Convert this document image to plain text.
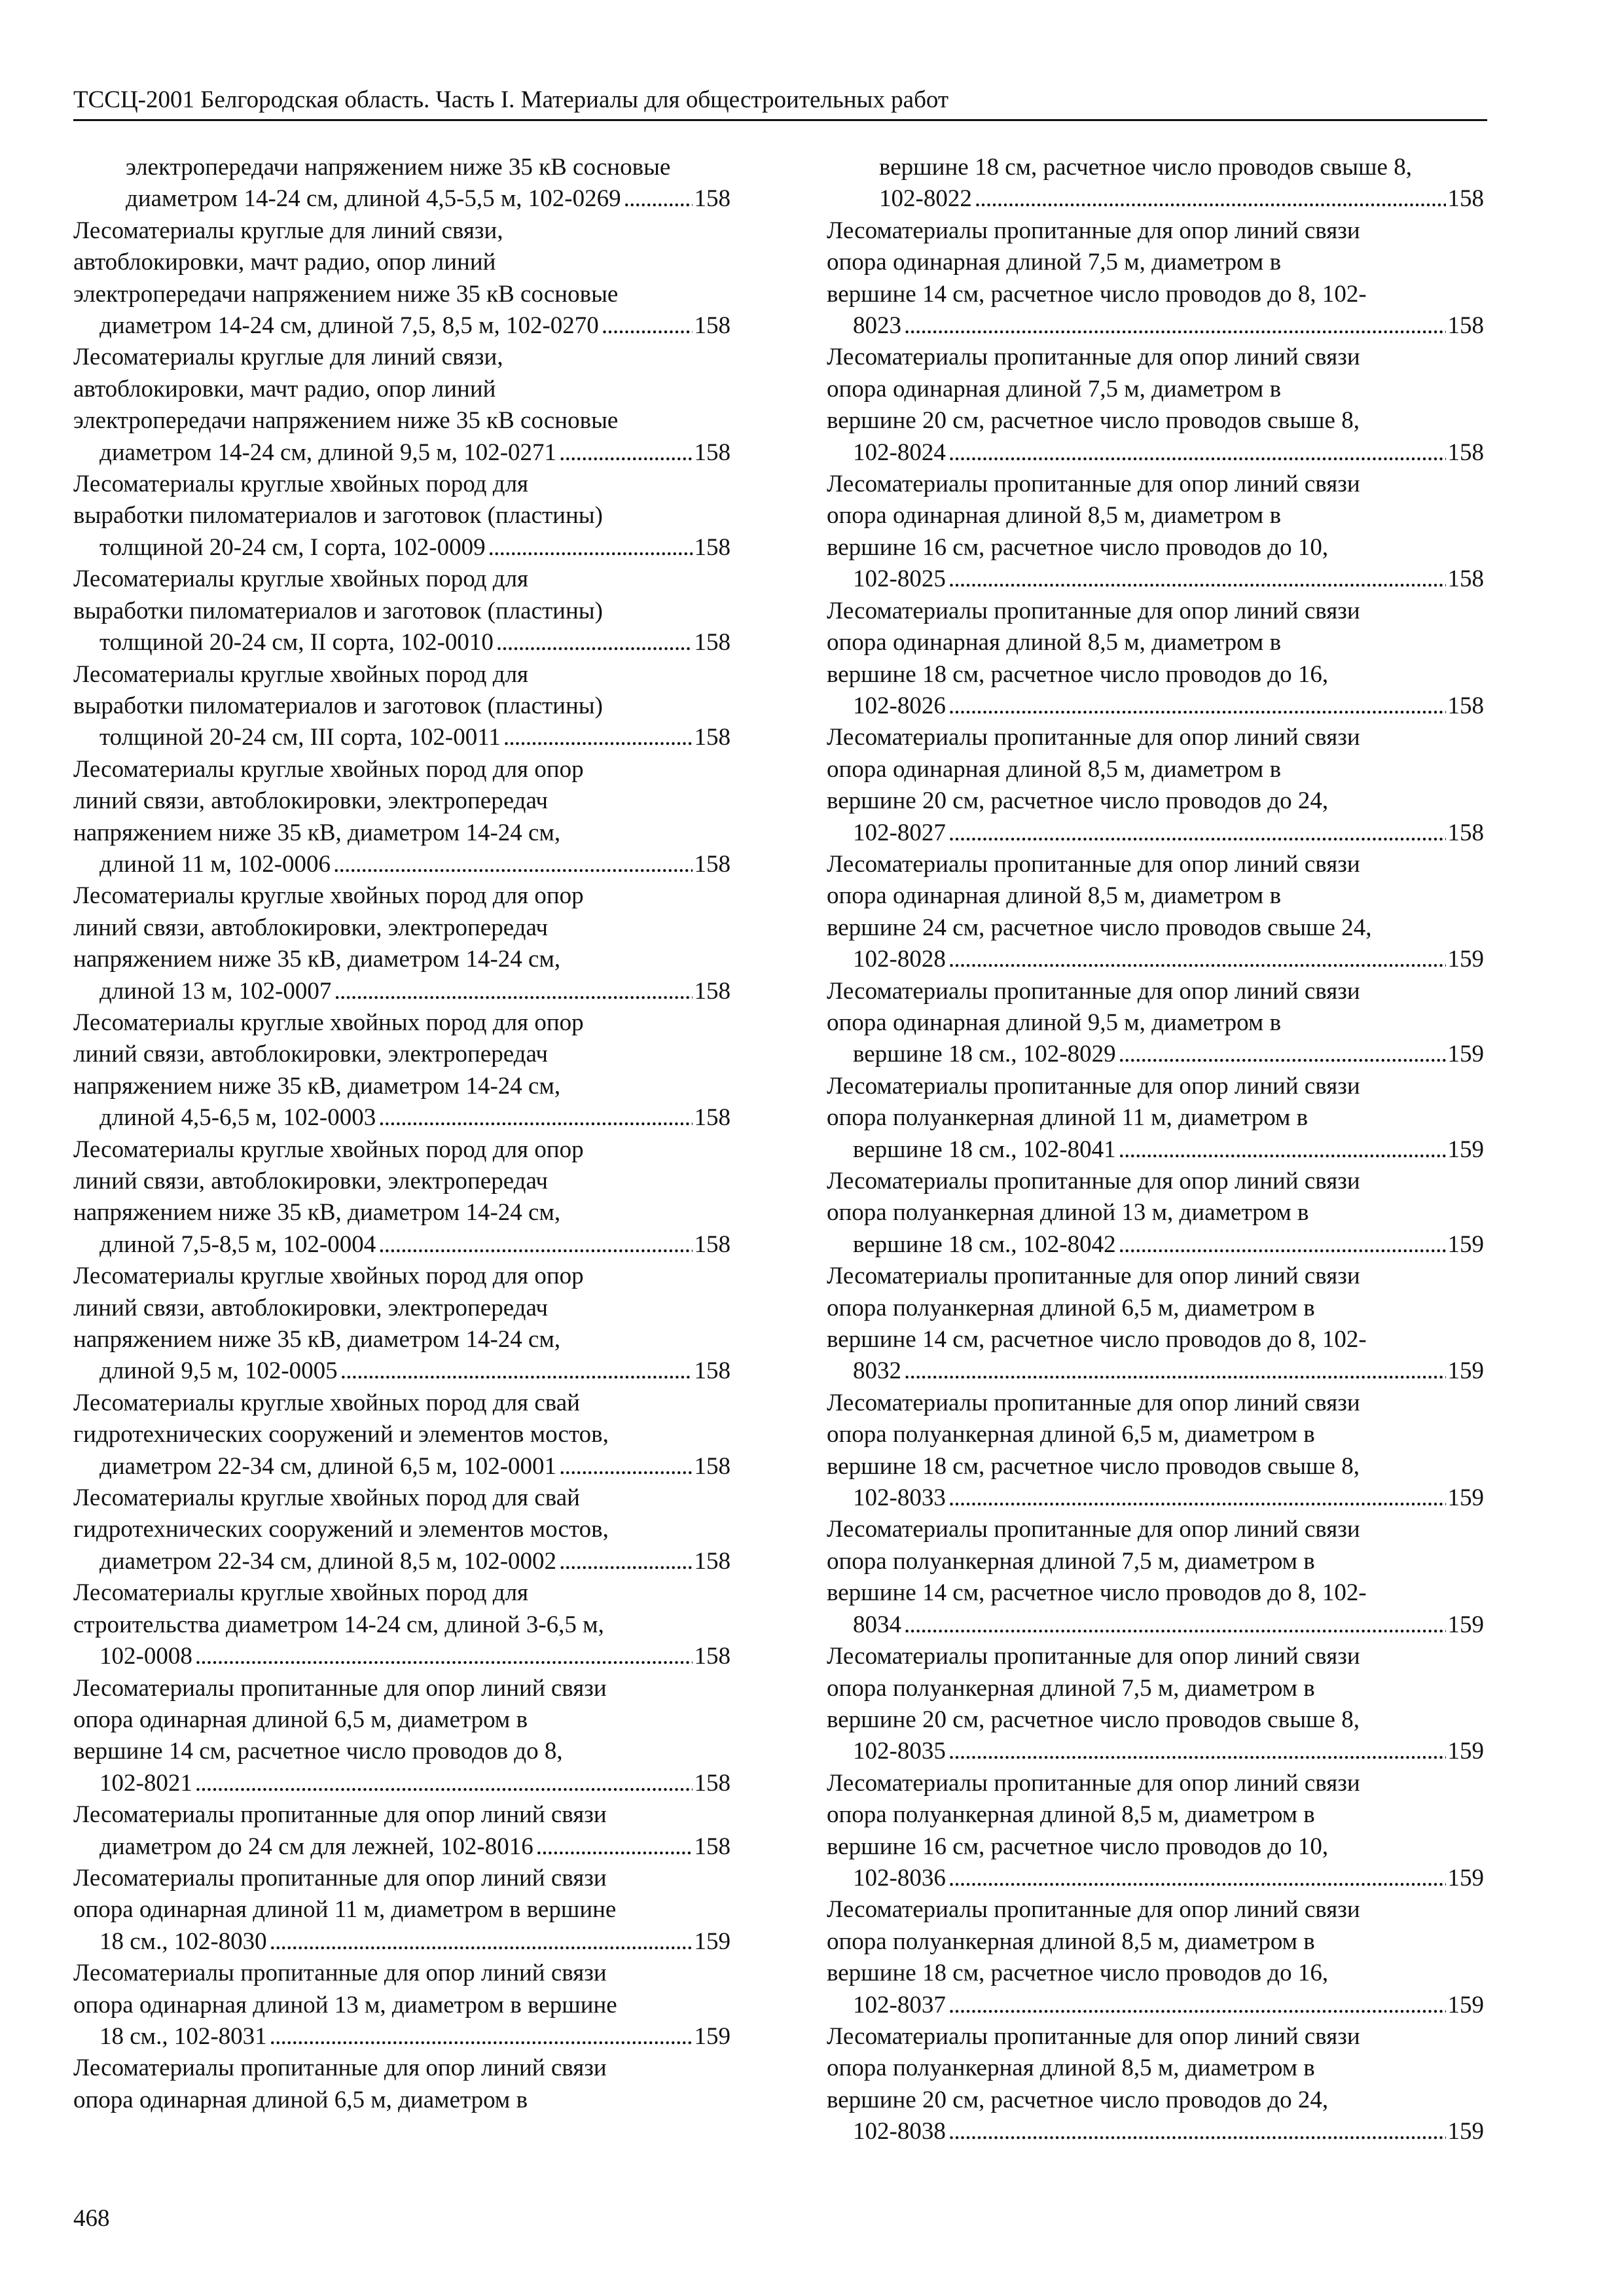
ТССЦ-2001 Белгородская область. Часть I. Материалы для общестроительных работ
электропередачи напряжением ниже 35 кВ сосновые
диаметром 14-24 см, длиной 4,5-5,5 м, 102-0269 . . .	158
Лесоматериалы круглые для линий связи,
автоблокировки, мачт радио, опор линий
электропередачи напряжением ниже 35 кВ сосновые
диаметром 14-24 см, длиной 7,5, 8,5 м, 102-0270 . . .	158
Лесоматериалы круглые для линий связи,
автоблокировки, мачт радио, опор линий
электропередачи напряжением ниже 35 кВ сосновые
диаметром 14-24 см, длиной 9,5 м, 102-0271 . . .	158
Лесоматериалы круглые хвойных пород для
выработки пиломатериалов и заготовок (пластины)
толщиной 20-24 см, I сорта, 102-0009 . . .	158
Лесоматериалы круглые хвойных пород для
выработки пиломатериалов и заготовок (пластины)
толщиной 20-24 см, II сорта, 102-0010 . . .	158
Лесоматериалы круглые хвойных пород для
выработки пиломатериалов и заготовок (пластины)
толщиной 20-24 см, III сорта, 102-0011 . . .	158
Лесоматериалы круглые хвойных пород для опор
линий связи, автоблокировки, электропередач
напряжением ниже 35 кВ, диаметром 14-24 см,
длиной 11 м, 102-0006 . . .	158
Лесоматериалы круглые хвойных пород для опор
линий связи, автоблокировки, электропередач
напряжением ниже 35 кВ, диаметром 14-24 см,
длиной 13 м, 102-0007 . . .	158
Лесоматериалы круглые хвойных пород для опор
линий связи, автоблокировки, электропередач
напряжением ниже 35 кВ, диаметром 14-24 см,
длиной 4,5-6,5 м, 102-0003 . . .	158
Лесоматериалы круглые хвойных пород для опор
линий связи, автоблокировки, электропередач
напряжением ниже 35 кВ, диаметром 14-24 см,
длиной 7,5-8,5 м, 102-0004 . . .	158
Лесоматериалы круглые хвойных пород для опор
линий связи, автоблокировки, электропередач
напряжением ниже 35 кВ, диаметром 14-24 см,
длиной 9,5 м, 102-0005 . . .	158
Лесоматериалы круглые хвойных пород для свай
гидротехнических сооружений и элементов мостов,
диаметром 22-34 см, длиной 6,5 м, 102-0001 . . .	158
Лесоматериалы круглые хвойных пород для свай
гидротехнических сооружений и элементов мостов,
диаметром 22-34 см, длиной 8,5 м, 102-0002 . . .	158
Лесоматериалы круглые хвойных пород для
строительства диаметром 14-24 см, длиной 3-6,5 м,
102-0008 . . .	158
Лесоматериалы пропитанные для опор линий связи
опора одинарная длиной 6,5 м, диаметром в
вершине 14 см, расчетное число проводов до 8,
102-8021 . . .	158
Лесоматериалы пропитанные для опор линий связи
диаметром до 24 см для лежней, 102-8016 . . .	158
Лесоматериалы пропитанные для опор линий связи
опора одинарная длиной 11 м, диаметром в вершине
18 см., 102-8030 . . .	159
Лесоматериалы пропитанные для опор линий связи
опора одинарная длиной 13 м, диаметром в вершине
18 см., 102-8031 . . .	159
Лесоматериалы пропитанные для опор линий связи
опора одинарная длиной 6,5 м, диаметром в
вершине 18 см, расчетное число проводов свыше 8,
102-8022 . . .	158
Лесоматериалы пропитанные для опор линий связи
опора одинарная длиной 7,5 м, диаметром в
вершине 14 см, расчетное число проводов до 8, 102-
8023 . . .	158
Лесоматериалы пропитанные для опор линий связи
опора одинарная длиной 7,5 м, диаметром в
вершине 20 см, расчетное число проводов свыше 8,
102-8024 . . .	158
Лесоматериалы пропитанные для опор линий связи
опора одинарная длиной 8,5 м, диаметром в
вершине 16 см, расчетное число проводов до 10,
102-8025 . . .	158
Лесоматериалы пропитанные для опор линий связи
опора одинарная длиной 8,5 м, диаметром в
вершине 18 см, расчетное число проводов до 16,
102-8026 . . .	158
Лесоматериалы пропитанные для опор линий связи
опора одинарная длиной 8,5 м, диаметром в
вершине 20 см, расчетное число проводов до 24,
102-8027 . . .	158
Лесоматериалы пропитанные для опор линий связи
опора одинарная длиной 8,5 м, диаметром в
вершине 24 см, расчетное число проводов свыше 24,
102-8028 . . .	159
Лесоматериалы пропитанные для опор линий связи
опора одинарная длиной 9,5 м, диаметром в
вершине 18 см., 102-8029 . . .	159
Лесоматериалы пропитанные для опор линий связи
опора полуанкерная длиной 11 м, диаметром в
вершине 18 см., 102-8041 . . .	159
Лесоматериалы пропитанные для опор линий связи
опора полуанкерная длиной 13 м, диаметром в
вершине 18 см., 102-8042 . . .	159
Лесоматериалы пропитанные для опор линий связи
опора полуанкерная длиной 6,5 м, диаметром в
вершине 14 см, расчетное число проводов до 8, 102-
8032 . . .	159
Лесоматериалы пропитанные для опор линий связи
опора полуанкерная длиной 6,5 м, диаметром в
вершине 18 см, расчетное число проводов свыше 8,
102-8033 . . .	159
Лесоматериалы пропитанные для опор линий связи
опора полуанкерная длиной 7,5 м, диаметром в
вершине 14 см, расчетное число проводов до 8, 102-
8034 . . .	159
Лесоматериалы пропитанные для опор линий связи
опора полуанкерная длиной 7,5 м, диаметром в
вершине 20 см, расчетное число проводов свыше 8,
102-8035 . . .	159
Лесоматериалы пропитанные для опор линий связи
опора полуанкерная длиной 8,5 м, диаметром в
вершине 16 см, расчетное число проводов до 10,
102-8036 . . .	159
Лесоматериалы пропитанные для опор линий связи
опора полуанкерная длиной 8,5 м, диаметром в
вершине 18 см, расчетное число проводов до 16,
102-8037 . . .	159
Лесоматериалы пропитанные для опор линий связи
опора полуанкерная длиной 8,5 м, диаметром в
вершине 20 см, расчетное число проводов до 24,
102-8038 . . .	159
468
